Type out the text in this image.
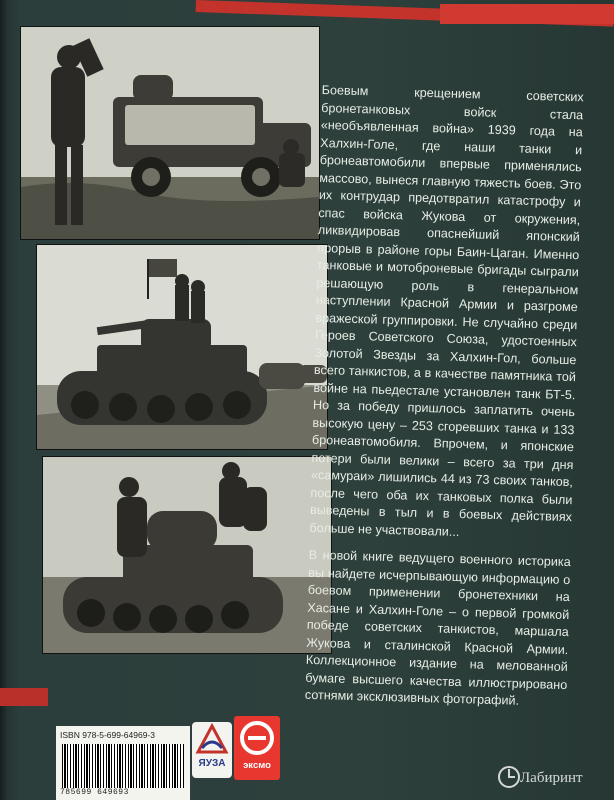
Боевым крещением советских бронетанковых войск стала «необъявленная война» 1939 года на Халхин-Голе, где наши танки и бронеавтомобили впервые применялись массово, вынеся главную тяжесть боев. Это их контрудар предотвратил катастрофу и спас войска Жукова от окружения, ликвидировав опаснейший японский прорыв в районе горы Баин-Цаган. Именно танковые и мотоброневые бригады сыграли решающую роль в генеральном наступлении Красной Армии и разгроме вражеской группировки. Не случайно среди Героев Советского Союза, удостоенных Золотой Звезды за Халхин-Гол, больше всего танкистов, а в качестве памятника той войне на пьедестале установлен танк БТ-5. Но за победу пришлось заплатить очень высокую цену – 253 сгоревших танка и 133 бронеавтомобиля. Впрочем, и японские потери были велики – всего за три дня «самураи» лишились 44 из 73 своих танков, после чего оба их танковых полка были выведены в тыл и в боевых действиях больше не участвовали...

В новой книге ведущего военного историка вы найдете исчерпывающую информацию о боевом применении бронетехники на Хасане и Халхин-Голе – о первой громкой победе советских танкистов, маршала Жукова и сталинской Красной Армии. Коллекционное издание на мелованной бумаге высшего качества иллюстрировано сотнями эксклюзивных фотографий.

ISBN 978-5-699-64969-3
785699 649693
ЯУЗА	эксмо
Лабиринт
